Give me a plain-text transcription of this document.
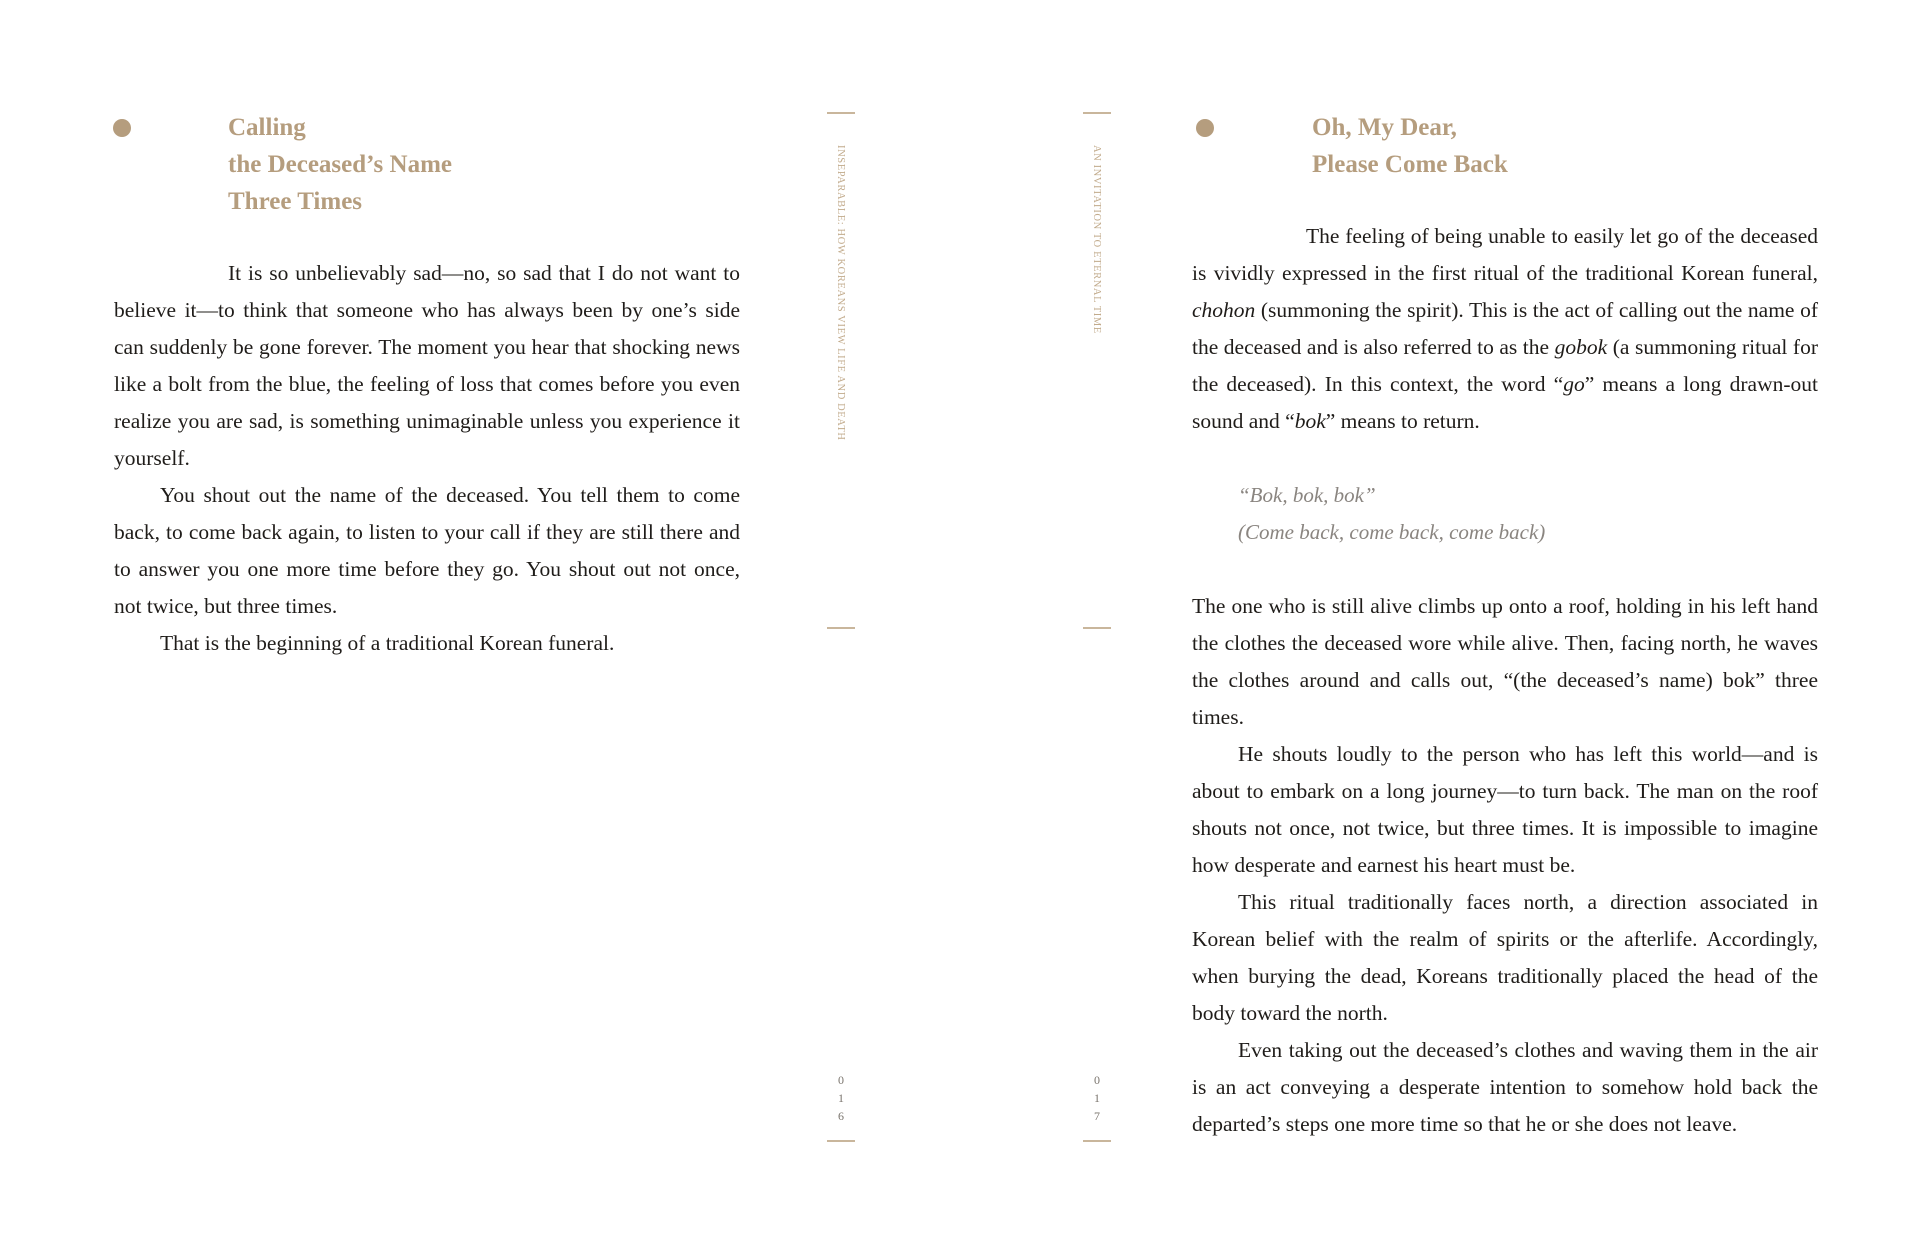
Calling
the Deceased’s Name
Three Times

It is so unbelievably sad—no, so sad that I do not want to believe it—to think that someone who has always been by one’s side can suddenly be gone forever. The moment you hear that shocking news like a bolt from the blue, the feeling of loss that comes before you even realize you are sad, is something unimaginable unless you experience it yourself.

You shout out the name of the deceased. You tell them to come back, to come back again, to listen to your call if they are still there and to answer you one more time before they go. You shout out not once, not twice, but three times.

That is the beginning of a traditional Korean funeral.

INSEPARABLE: HOW KOREANS VIEW LIFE AND DEATH
0
1
6
AN INVITATION TO ETERNAL TIME
0
1
7
Oh, My Dear,
Please Come Back

The feeling of being unable to easily let go of the deceased is vividly expressed in the first ritual of the traditional Korean funeral, chohon (summoning the spirit). This is the act of calling out the name of the deceased and is also referred to as the gobok (a summoning ritual for the deceased). In this context, the word “go” means a long drawn-out sound and “bok” means to return.

“Bok, bok, bok”
(Come back, come back, come back)

The one who is still alive climbs up onto a roof, holding in his left hand the clothes the deceased wore while alive. Then, facing north, he waves the clothes around and calls out, “(the deceased’s name) bok” three times.

He shouts loudly to the person who has left this world—and is about to embark on a long journey—to turn back. The man on the roof shouts not once, not twice, but three times. It is impossible to imagine how desperate and earnest his heart must be.

This ritual traditionally faces north, a direction associated in Korean belief with the realm of spirits or the afterlife. Accordingly, when burying the dead, Koreans traditionally placed the head of the body toward the north.

Even taking out the deceased’s clothes and waving them in the air is an act conveying a desperate intention to somehow hold back the departed’s steps one more time so that he or she does not leave.
